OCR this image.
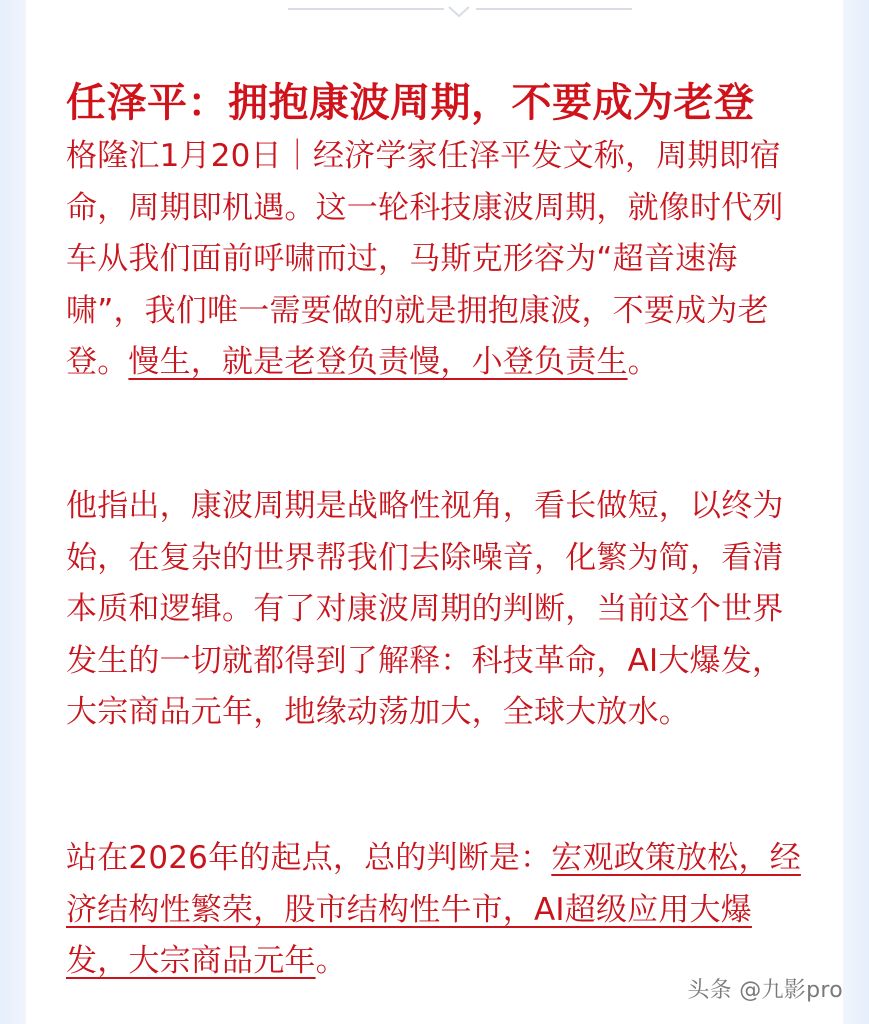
任泽平：拥抱康波周期，不要成为老登

格隆汇1月20日｜经济学家任泽平发文称，周期即宿命，周期即机遇。这一轮科技康波周期，就像时代列车从我们面前呼啸而过，马斯克形容为“超音速海啸”，我们唯一需要做的就是拥抱康波，不要成为老登。慢生，就是老登负责慢，小登负责生。

他指出，康波周期是战略性视角，看长做短，以终为始，在复杂的世界帮我们去除噪音，化繁为简，看清本质和逻辑。有了对康波周期的判断，当前这个世界发生的一切就都得到了解释：科技革命，AI大爆发，大宗商品元年，地缘动荡加大，全球大放水。

站在2026年的起点，总的判断是：宏观政策放松，经济结构性繁荣，股市结构性牛市，AI超级应用大爆发，大宗商品元年。

头条 @九影pro
